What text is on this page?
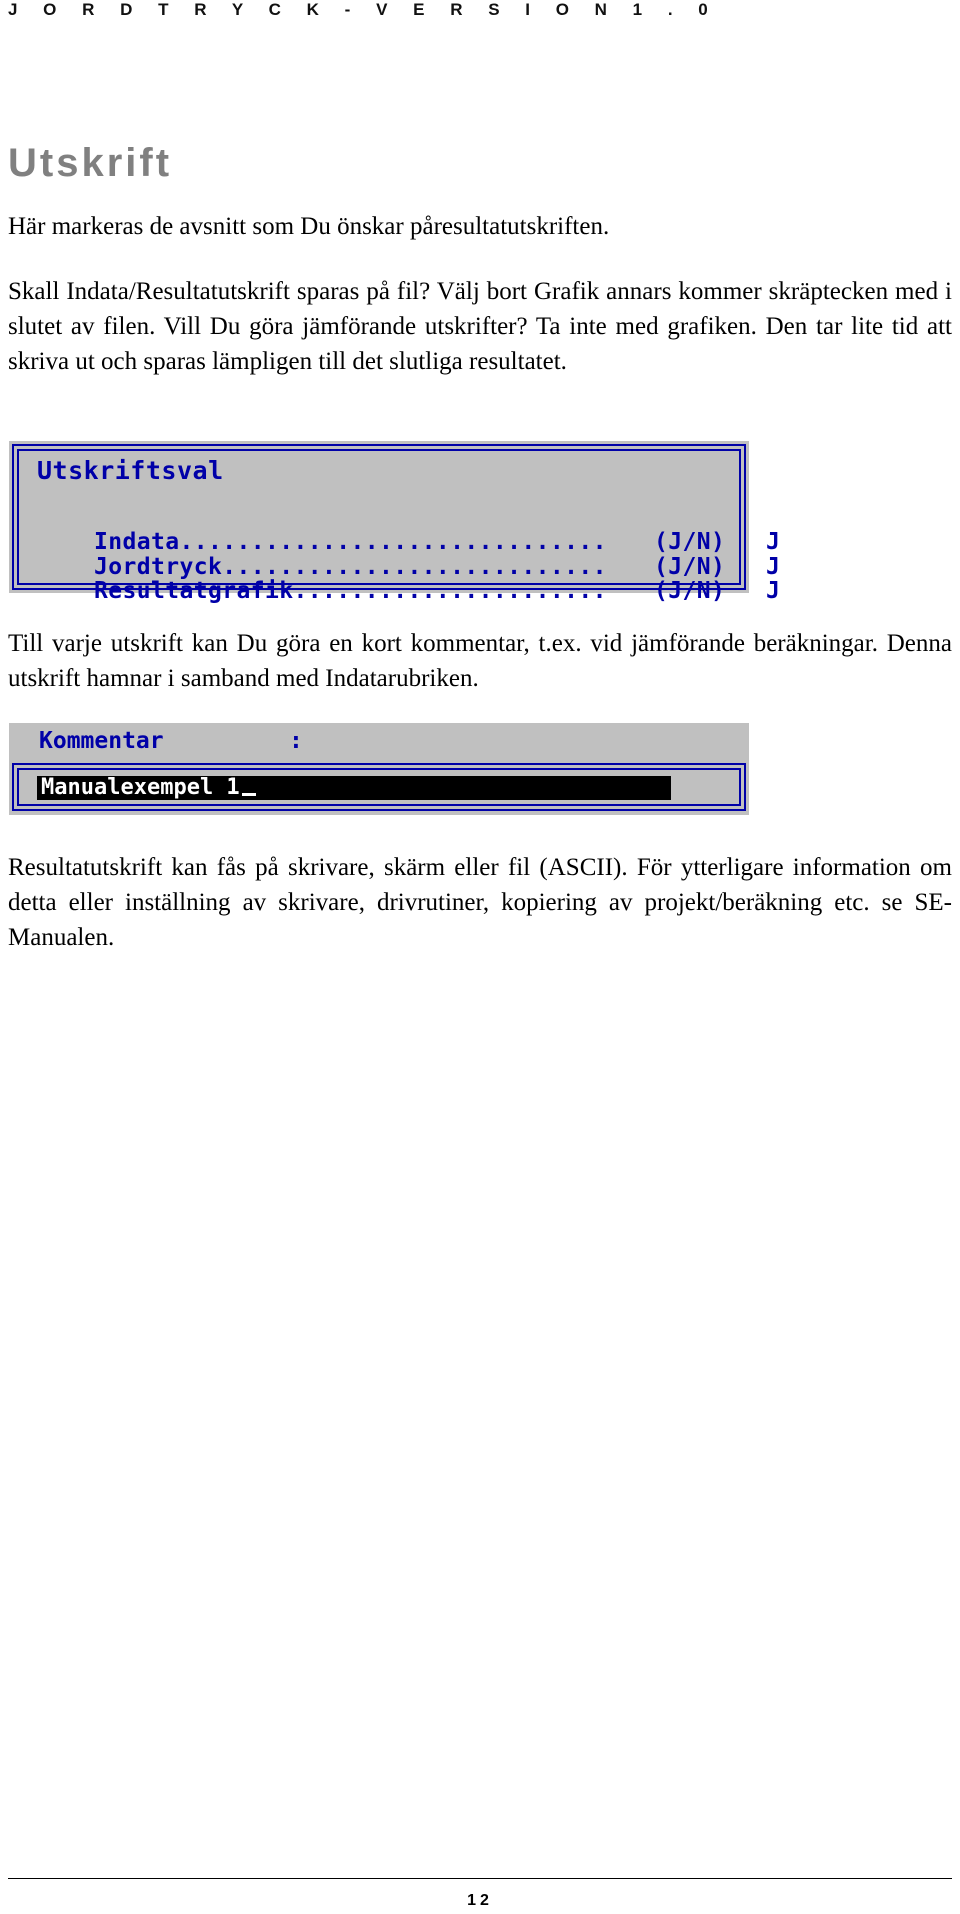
J O R D T R Y C K - V E R S I O N 1 . 0
Utskrift

Här markeras de avsnitt som Du önskar påresultatutskriften.

Skall Indata/Resultatutskrift sparas på fil? Välj bort Grafik annars kommer skräptecken med i slutet av filen. Vill Du göra jämförande utskrifter? Ta inte med grafiken. Den tar lite tid att skriva ut och sparas lämpligen till det slutliga resultatet.

Utskriftsval

Indata.............................. (J/N) J

Jordtryck........................... (J/N) J

Resultatgrafik...................... (J/N) J

Till varje utskrift kan Du göra en kort kommentar, t.ex. vid jämförande beräkningar. Denna utskrift hamnar i samband med Indatarubriken.

Kommentar	:
Manualexempel 1

Resultatutskrift kan fås på skrivare, skärm eller fil (ASCII). För ytterligare information om detta eller inställning av skrivare, drivrutiner, kopiering av projekt/beräkning etc. se SE-Manualen.

12
